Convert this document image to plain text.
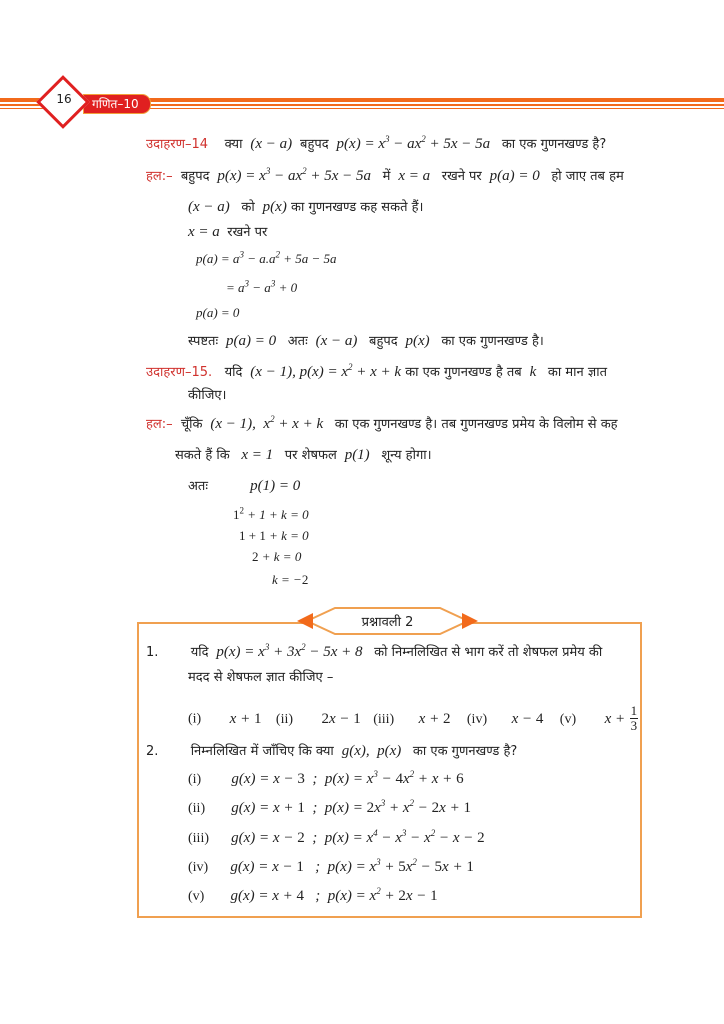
गणित–10
16
उदाहरण–14 क्या  (x − a)  बहुपद  $p(x) = x^3 - ax^2 + 5x - 5a$   का एक गुणनखण्ड है?
हल:– बहुपद  $p(x) = x^3 - ax^2 + 5x - 5a$   में  x = a   रखने पर  p(a) = 0   हो जाए तब हम
(x − a)   को  p(x) का गुणनखण्ड कह सकते हैं।
x = a  रखने पर
$p(a) = a^3 - a.a^2 + 5a - 5a$
= $a^3 - a^3 + 0$
p(a) = 0
स्पष्टतः  p(a) = 0   अतः  (x − a)   बहुपद  p(x)   का एक गुणनखण्ड है।
उदाहरण–15. यदि  (x − 1), $p(x) = x^2 + x + k$ का एक गुणनखण्ड है तब  k   का मान ज्ञात
कीजिए।
हल:– चूँकि  (x − 1),  $x^2 + x + k$   का एक गुणनखण्ड है। तब गुणनखण्ड प्रमेय के विलोम से कह
सकते हैं कि   x = 1   पर शेषफल  p(1)   शून्य होगा।
अतः	p(1) = 0
$1^2 + 1 + k = 0$
1 + 1 + k = 0
2 + k = 0
k = −2
प्रश्नावली 2
1. यदि  $p(x) = x^3 + 3x^2 - 5x + 8$   को निम्नलिखित से भाग करें तो शेषफल प्रमेय की
मदद से शेषफल ज्ञात कीजिए –
(i) x + 1 (ii) 2x − 1 (iii) x + 2 (iv) x − 4 (v) $x + \frac{1}{3}$
2. निम्नलिखित में जाँचिए कि क्या  g(x),  p(x)   का एक गुणनखण्ड है?
(i) g(x) = x − 3  ;  $p(x) = x^3 - 4x^2 + x + 6$
(ii) g(x) = x + 1  ;  $p(x) = 2x^3 + x^2 - 2x + 1$
(iii) g(x) = x − 2  ;  $p(x) = x^4 - x^3 - x^2 - x - 2$
(iv) g(x) = x − 1   ;  $p(x) = x^3 + 5x^2 - 5x + 1$
(v) g(x) = x + 4   ;  $p(x) = x^2 + 2x - 1$
